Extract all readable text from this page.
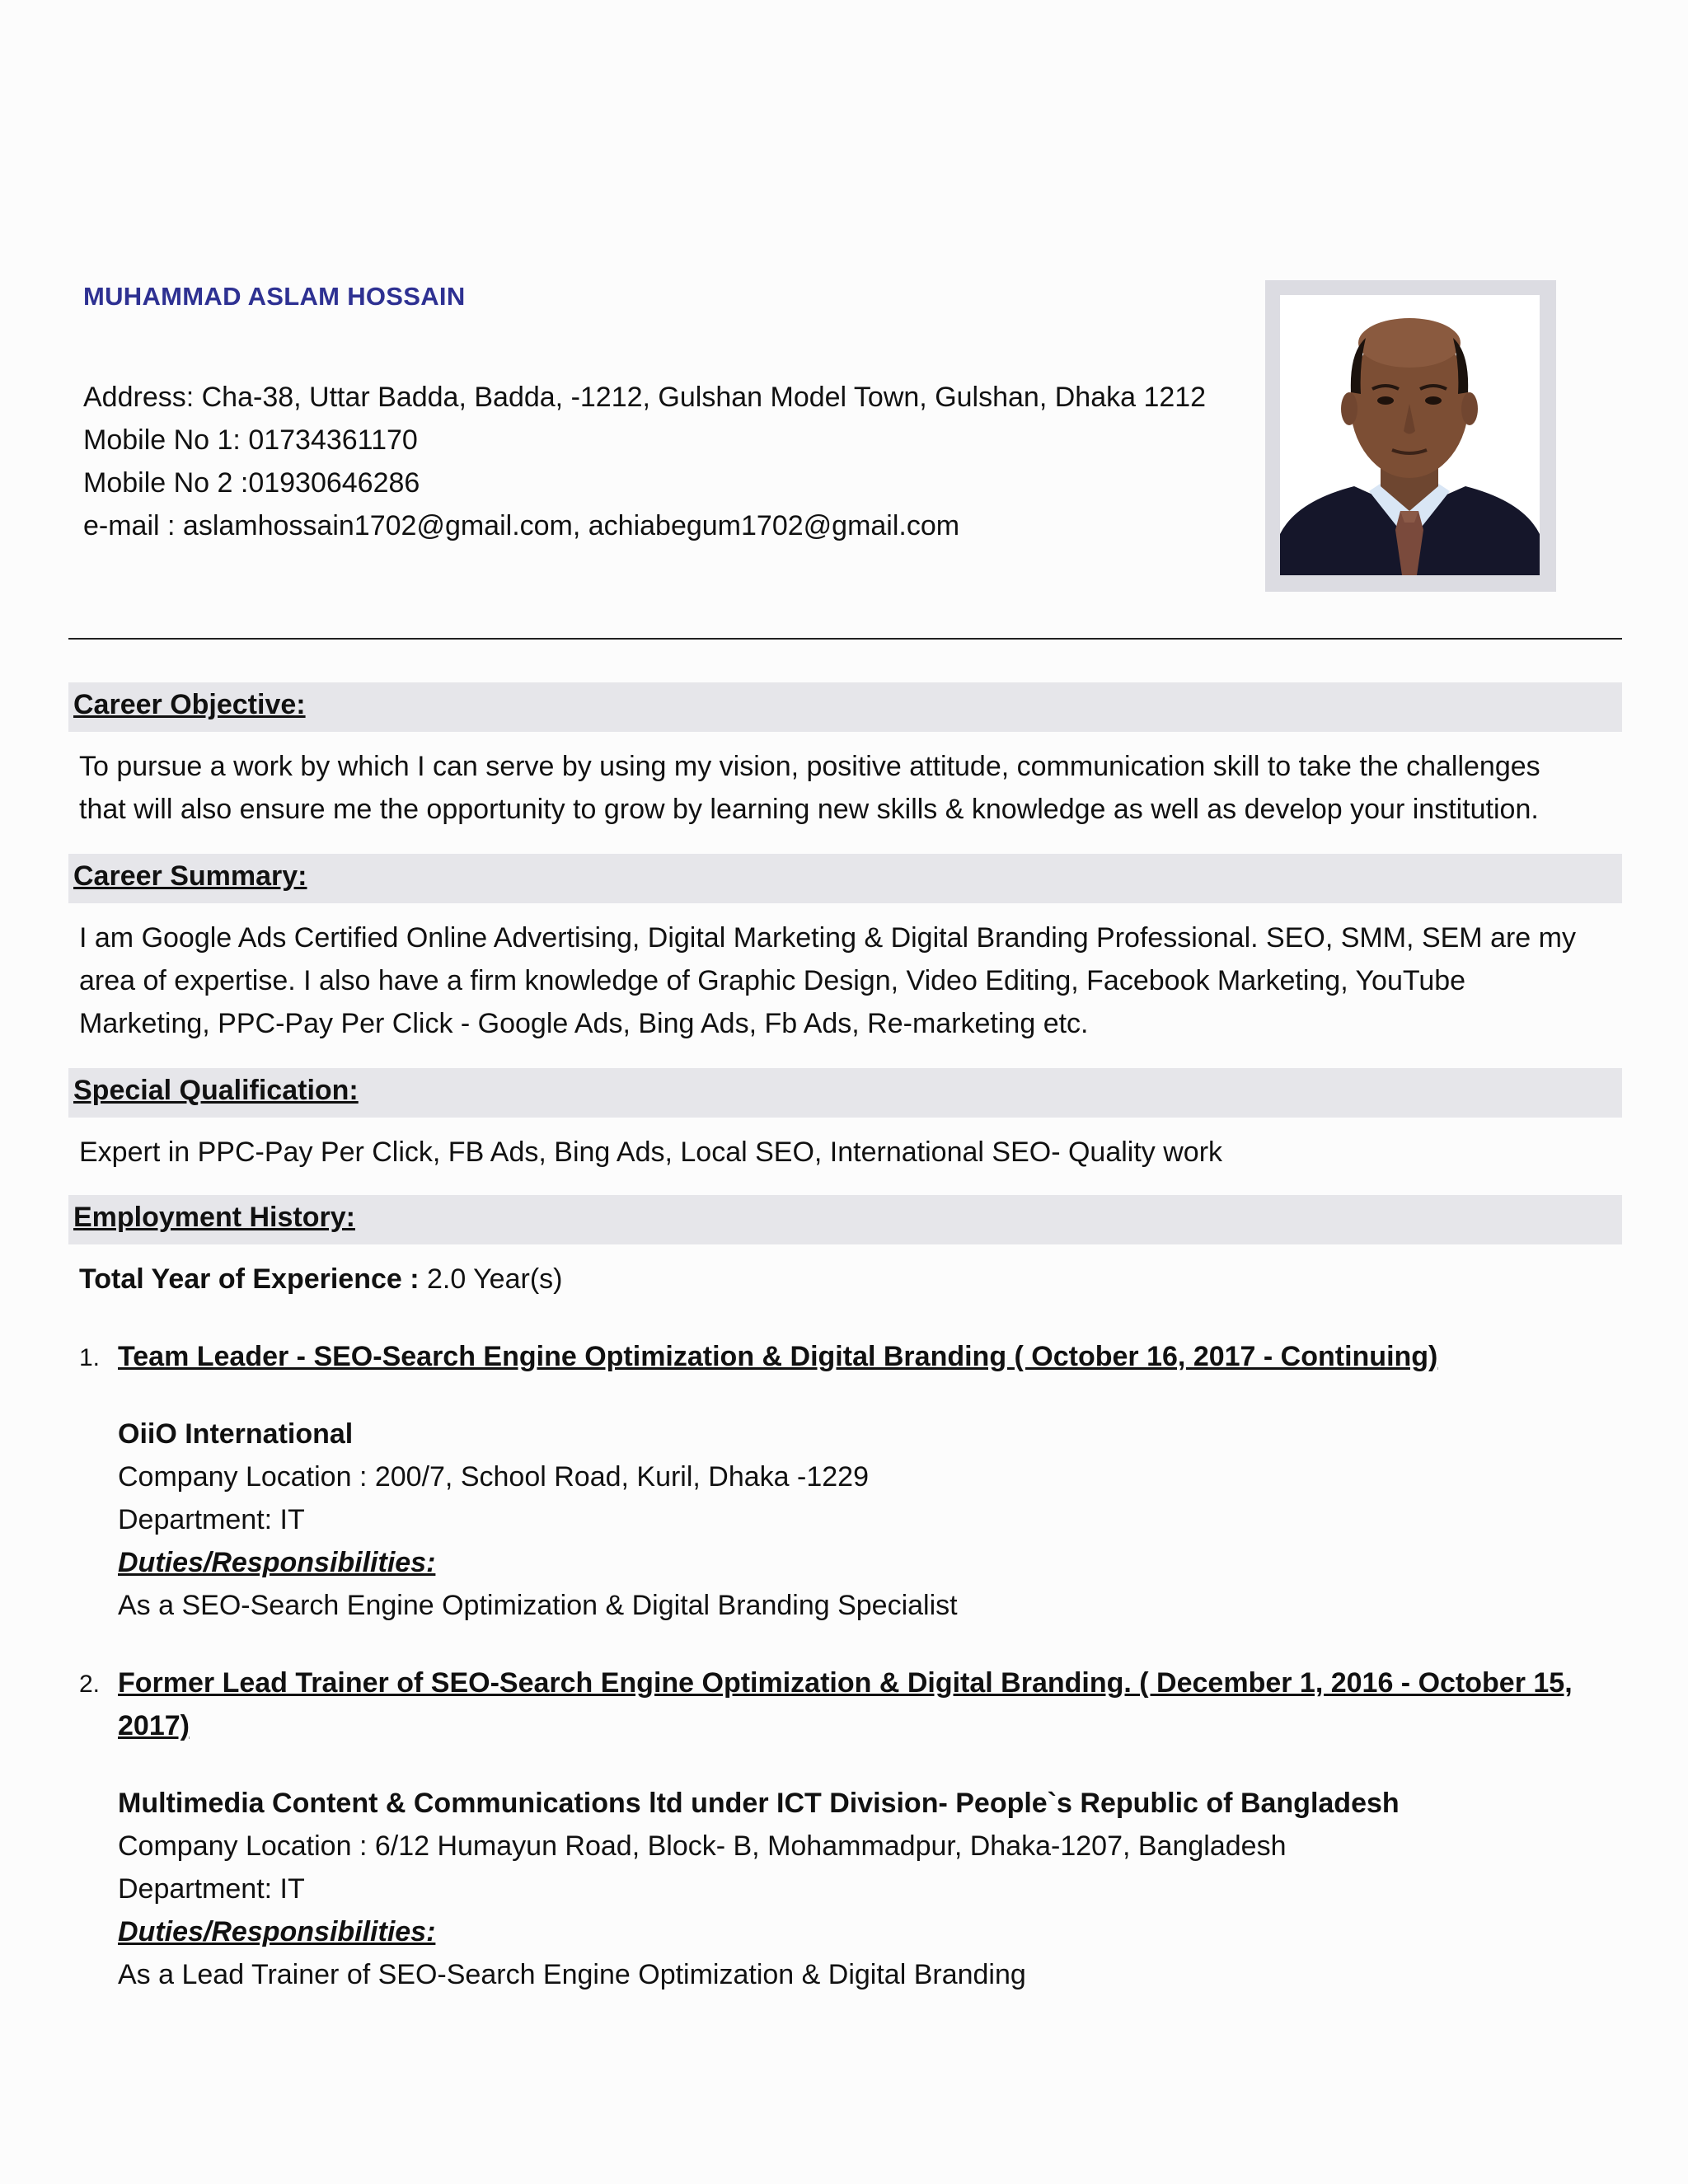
MUHAMMAD ASLAM HOSSAIN
Address: Cha-38, Uttar Badda, Badda, -1212, Gulshan Model Town, Gulshan, Dhaka 1212
Mobile No 1: 01734361170
Mobile No 2 :01930646286
e-mail : aslamhossain1702@gmail.com, achiabegum1702@gmail.com
Career Objective:
To pursue a work by which I can serve by using my vision, positive attitude, communication skill to take the challenges
that will also ensure me the opportunity to grow by learning new skills & knowledge as well as develop your institution.
Career Summary:
I am Google Ads Certified Online Advertising, Digital Marketing & Digital Branding Professional. SEO, SMM, SEM are my
area of expertise. I also have a firm knowledge of Graphic Design, Video Editing, Facebook Marketing, YouTube
Marketing, PPC-Pay Per Click - Google Ads, Bing Ads, Fb Ads, Re-marketing etc.
Special Qualification:
Expert in PPC-Pay Per Click, FB Ads, Bing Ads, Local SEO, International SEO- Quality work
Employment History:
Total Year of Experience : 2.0 Year(s)
1. Team Leader - SEO-Search Engine Optimization & Digital Branding ( October 16, 2017 - Continuing)
OiiO International
Company Location : 200/7, School Road, Kuril, Dhaka -1229
Department: IT
Duties/Responsibilities:
As a SEO-Search Engine Optimization & Digital Branding Specialist
2. Former Lead Trainer of SEO-Search Engine Optimization & Digital Branding. ( December 1, 2016 - October 15, 2017)
Multimedia Content & Communications ltd under ICT Division- People`s Republic of Bangladesh
Company Location : 6/12 Humayun Road, Block- B, Mohammadpur, Dhaka-1207, Bangladesh
Department: IT
Duties/Responsibilities:
As a Lead Trainer of SEO-Search Engine Optimization & Digital Branding
